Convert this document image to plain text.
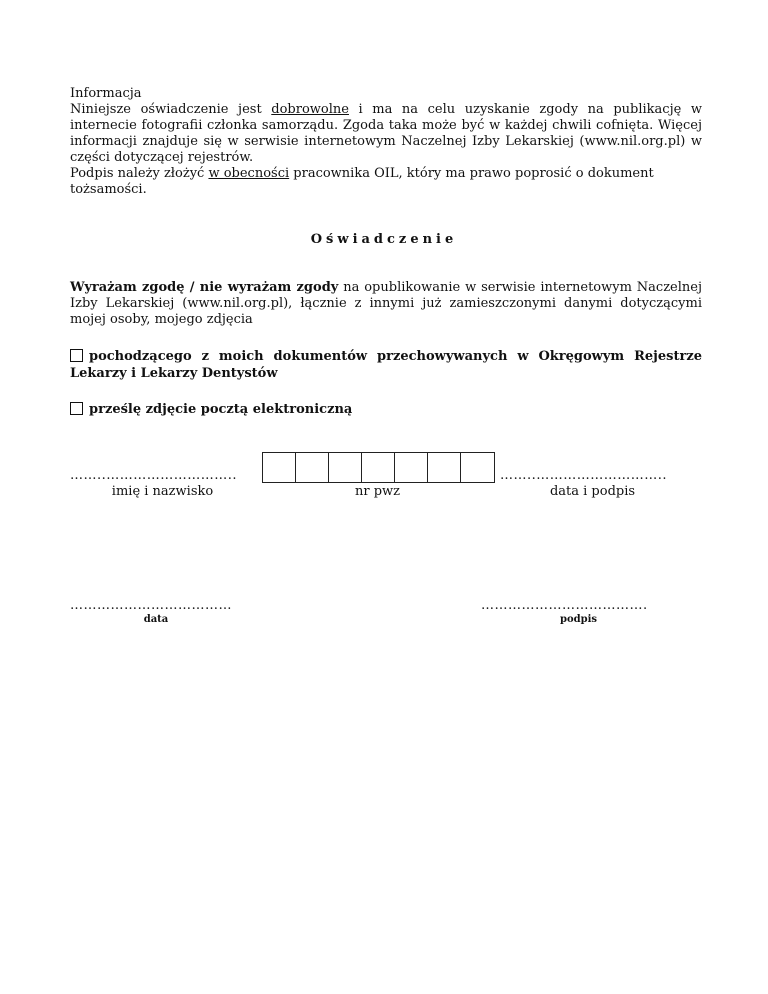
Informacja

Niniejsze oświadczenie jest dobrowolne i ma na celu uzyskanie zgody na publikację w internecie fotografii członka samorządu. Zgoda taka może być w każdej chwili cofnięta. Więcej informacji znajduje się w serwisie internetowym Naczelnej Izby Lekarskiej (www.nil.org.pl) w części dotyczącej rejestrów.

Podpis należy złożyć w obecności pracownika OIL, który ma prawo poprosić o dokument tożsamości.

Oświadczenie

Wyrażam zgodę / nie wyrażam zgody na opublikowanie w serwisie internetowym Naczelnej Izby Lekarskiej (www.nil.org.pl), łącznie z innymi już zamieszczonymi danymi dotyczącymi mojej osoby, mojego zdjęcia

pochodzącego z moich dokumentów przechowywanych w Okręgowym Rejestrze Lekarzy i Lekarzy Dentystów
prześlę zdjęcie pocztą elektroniczną
……..………………………..
imię i nazwisko	nr pwz
……..………………………..
data i podpis
………………………………
data
……………………………….
podpis
